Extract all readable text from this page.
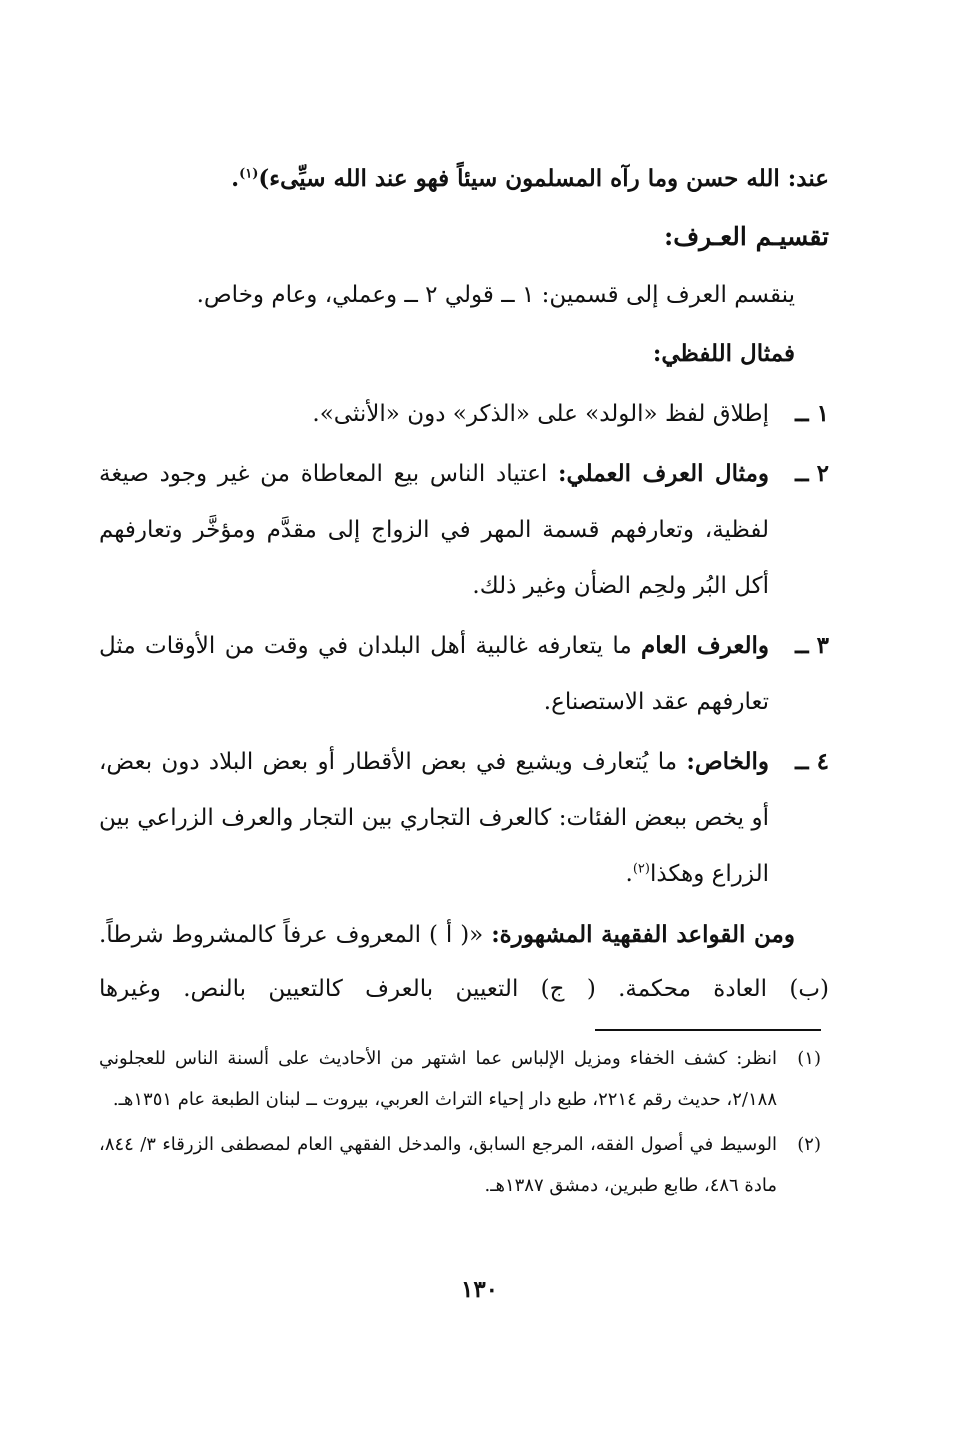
عند: الله حسن وما رآه المسلمون سيئاً فهو عند الله سيِّىء)$^{(١)}$.

تقسيـم العـرف:

ينقسم العرف إلى قسمين: ١ ــ قولي ٢ ــ وعملي، وعام وخاص.

فمثال اللفظي:

١ ــ
إطلاق لفظ «الولد» على «الذكر» دون «الأنثى».
٢ ــ
ومثال العرف العملي: اعتياد الناس بيع المعاطاة من غير وجود صيغة لفظية، وتعارفهم قسمة المهر في الزواج إلى مقدَّم ومؤخَّر وتعارفهم أكل البُر ولحِم الضأن وغير ذلك.
٣ ــ
والعرف العام ما يتعارفه غالبية أهل البلدان في وقت من الأوقات مثل تعارفهم عقد الاستصناع.
٤ ــ
والخاص: ما يُتعارف ويشيع في بعض الأقطار أو بعض البلاد دون بعض، أو يخص ببعض الفئات: كالعرف التجاري بين التجار والعرف الزراعي بين الزراع وهكذا$^{(٢)}$.

ومن القواعد الفقهية المشهورة: «( أ ) المعروف عرفاً كالمشروط شرطاً. (ب) العادة محكمة. ( ج) التعيين بالعرف كالتعيين بالنص. وغيرها

(١)
انظر: كشف الخفاء ومزيل الإلباس عما اشتهر من الأحاديث على ألسنة الناس للعجلوني ٢/١٨٨، حديث رقم ٢٢١٤، طبع دار إحياء التراث العربي، بيروت ــ لبنان الطبعة عام ١٣٥١هـ.
(٢)
الوسيط في أصول الفقه، المرجع السابق، والمدخل الفقهي العام لمصطفى الزرقاء ٣/ ٨٤٤، مادة ٤٨٦، طابع طبرين، دمشق ١٣٨٧هـ.
١٣٠
